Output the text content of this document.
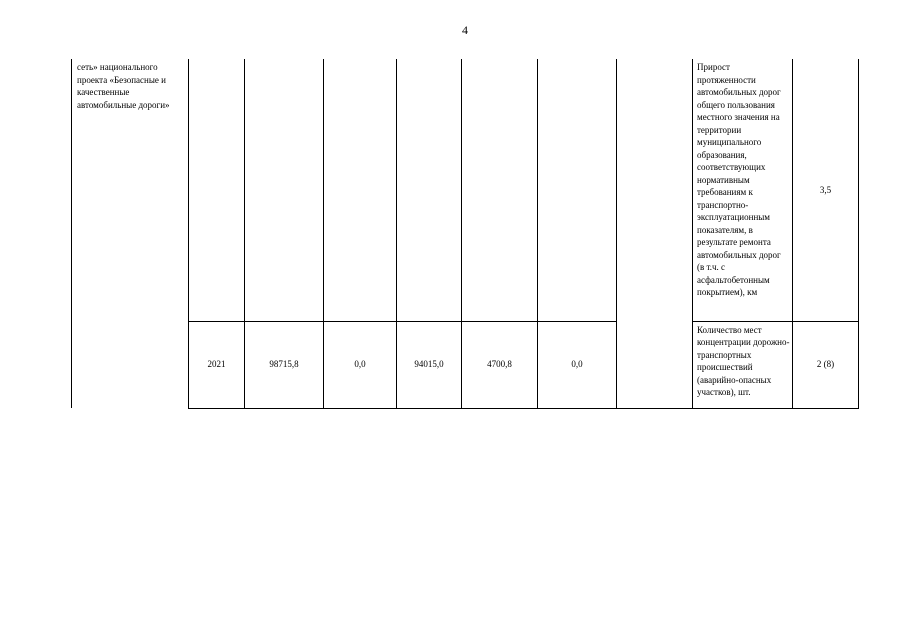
4
сеть» национального проекта «Безопасные и качественные автомобильные дороги»								Прирост протяженности автомобильных дорог общего пользования местного значения на территории муниципального образования, соответствующих нормативным требованиям к транспортно-эксплуатационным показателям, в результате ремонта автомобильных дорог (в т.ч. с асфальтобетонным покрытием), км	3,5
	2021	98715,8	0,0	94015,0	4700,8	0,0		Количество мест концентрации дорожно-транспортных происшествий (аварийно-опасных участков), шт.	2 (8)
